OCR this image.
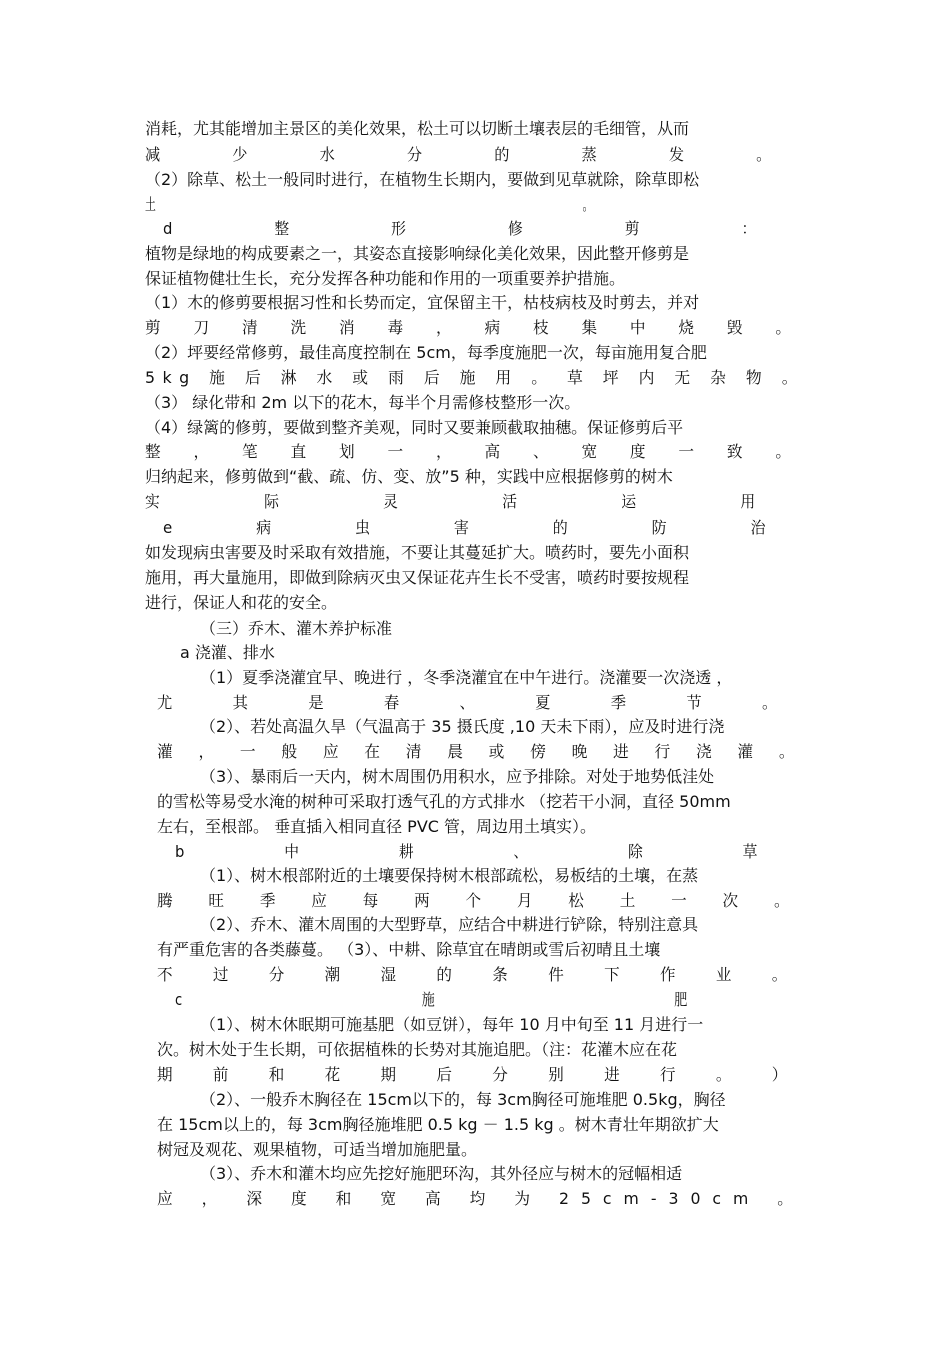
消耗，尤其能增加主景区的美化效果，松土可以切断土壤表层的毛细管，从而
减 少 水 分 的 蒸 发 。
（2）除草、松土一般同时进行，在植物生长期内，要做到见草就除，除草即松
土 。
d 整 形 修 剪 ：
植物是绿地的构成要素之一，其姿态直接影响绿化美化效果，因此整开修剪是
保证植物健壮生长，充分发挥各种功能和作用的一项重要养护措施。
（1）木的修剪要根据习性和长势而定，宜保留主干，枯枝病枝及时剪去，并对
剪 刀 清 洗 消 毒 ， 病 枝 集 中 烧 毁 。
（2）坪要经常修剪，最佳高度控制在 5cm，每季度施肥一次，每亩施用复合肥
5kg 施 后 淋 水 或 雨 后 施 用 。 草 坪 内 无 杂 物 。
（3） 绿化带和 2m 以下的花木，每半个月需修枝整形一次。
（4）绿篱的修剪，要做到整齐美观，同时又要兼顾截取抽穗。保证修剪后平
整 ， 笔 直 划 一 ， 高 、 宽 度 一 致 。
归纳起来，修剪做到“截、疏、仿、变、放”5 种，实践中应根据修剪的树木
实 际 灵 活 运 用
e 病 虫 害 的 防 治
如发现病虫害要及时采取有效措施，不要让其蔓延扩大。喷药时，要先小面积
施用，再大量施用，即做到除病灭虫又保证花卉生长不受害，喷药时要按规程
进行，保证人和花的安全。
（三）乔木、灌木养护标准
a 浇灌、排水
（1）夏季浇灌宜早、晚进行 ，冬季浇灌宜在中午进行。浇灌要一次浇透 ，
尤 其 是 春 、 夏 季 节 。
（2）、若处高温久旱（气温高于 35 摄氏度 ,10 天未下雨），应及时进行浇
灌 ， 一 般 应 在 清 晨 或 傍 晚 进 行 浇 灌 。
（3）、暴雨后一天内，树木周围仍用积水，应予排除。对处于地势低洼处
的雪松等易受水淹的树种可采取打透气孔的方式排水 （挖若干小洞，直径 50mm
左右，至根部。 垂直插入相同直径 PVC 管，周边用土填实）。
b 中 耕 、 除 草
（1）、树木根部附近的土壤要保持树木根部疏松，易板结的土壤，在蒸
腾 旺 季 应 每 两 个 月 松 土 一 次 。
（2）、乔木、灌木周围的大型野草，应结合中耕进行铲除，特别注意具
有严重危害的各类藤蔓。 （3）、中耕、除草宜在晴朗或雪后初晴且土壤
不 过 分 潮 湿 的 条 件 下 作 业 。
c 施 肥
（1）、树木休眠期可施基肥（如豆饼），每年 10 月中旬至 11 月进行一
次。树木处于生长期，可依据植株的长势对其施追肥。（注：花灌木应在花
期 前 和 花 期 后 分 别 进 行 。 ）
（2）、一般乔木胸径在 15cm以下的，每 3cm胸径可施堆肥 0.5kg，胸径
在 15cm以上的，每 3cm胸径施堆肥 0.5 kg － 1.5 kg 。树木青壮年期欲扩大
树冠及观花、观果植物，可适当增加施肥量。
（3）、乔木和灌木均应先挖好施肥环沟，其外径应与树木的冠幅相适
应 ， 深 度 和 宽 高 均 为 25cm-30cm 。
